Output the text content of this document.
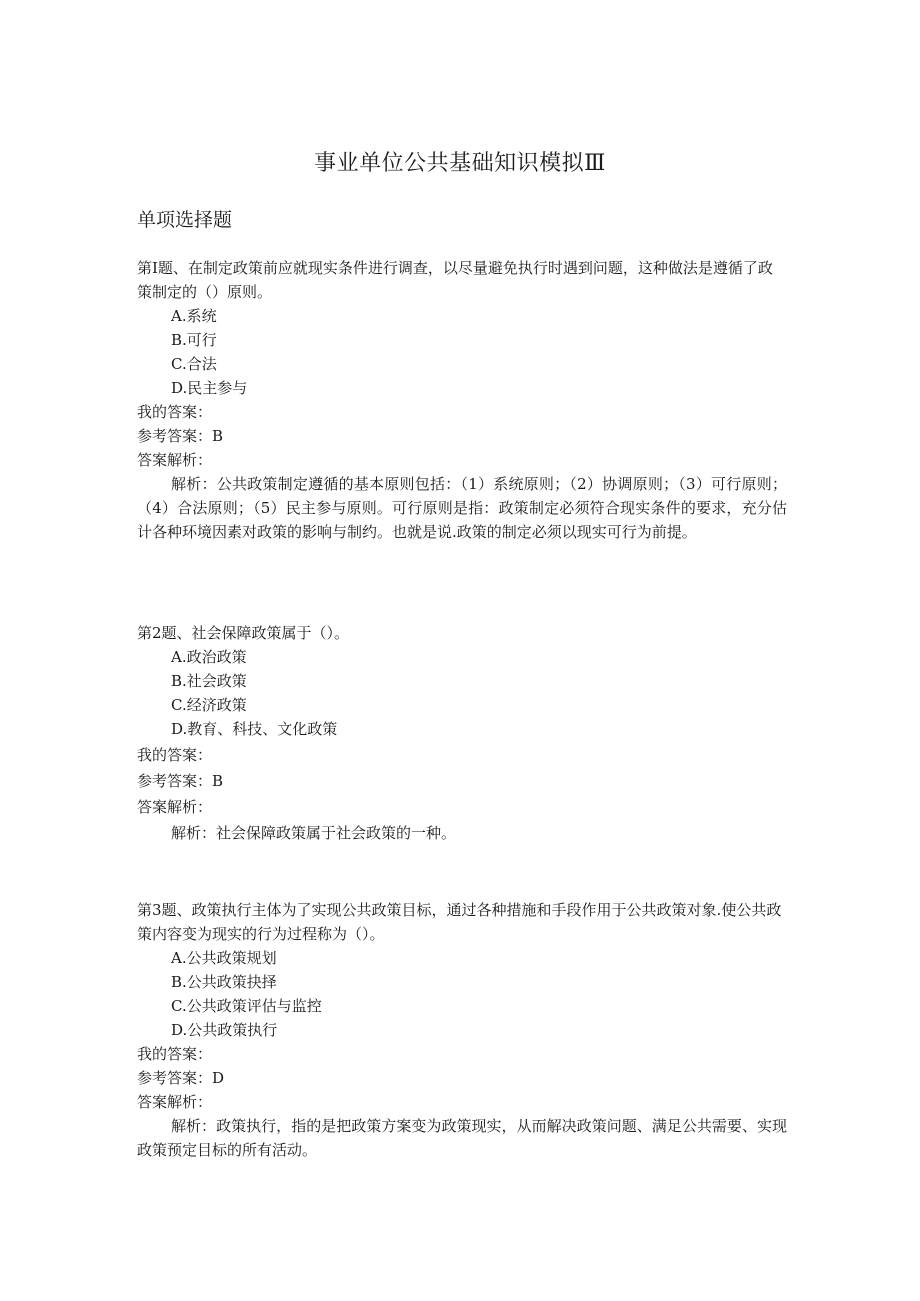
事业单位公共基础知识模拟Ⅲ
单项选择题

第Ⅰ题、在制定政策前应就现实条件进行调查，以尽量避免执行时遇到问题，这种做法是遵循了政策制定的（）原则。

A.系统
B.可行
C.合法
D.民主参与

我的答案：

参考答案：B

答案解析：

解析：公共政策制定遵循的基本原则包括：（1）系统原则；（2）协调原则；（3）可行原则；（4）合法原则；（5）民主参与原则。可行原则是指：政策制定必须符合现实条件的要求，充分估计各种环境因素对政策的影响与制约。也就是说.政策的制定必须以现实可行为前提。

第2题、社会保障政策属于（）。

A.政治政策
B.社会政策
C.经济政策
D.教育、科技、文化政策

我的答案：

参考答案：B

答案解析：

解析：社会保障政策属于社会政策的一种。

第3题、政策执行主体为了实现公共政策目标，通过各种措施和手段作用于公共政策对象.使公共政策内容变为现实的行为过程称为（）。

A.公共政策规划
B.公共政策抉择
C.公共政策评估与监控
D.公共政策执行

我的答案：

参考答案：D

答案解析：

解析：政策执行，指的是把政策方案变为政策现实，从而解决政策问题、满足公共需要、实现政策预定目标的所有活动。
